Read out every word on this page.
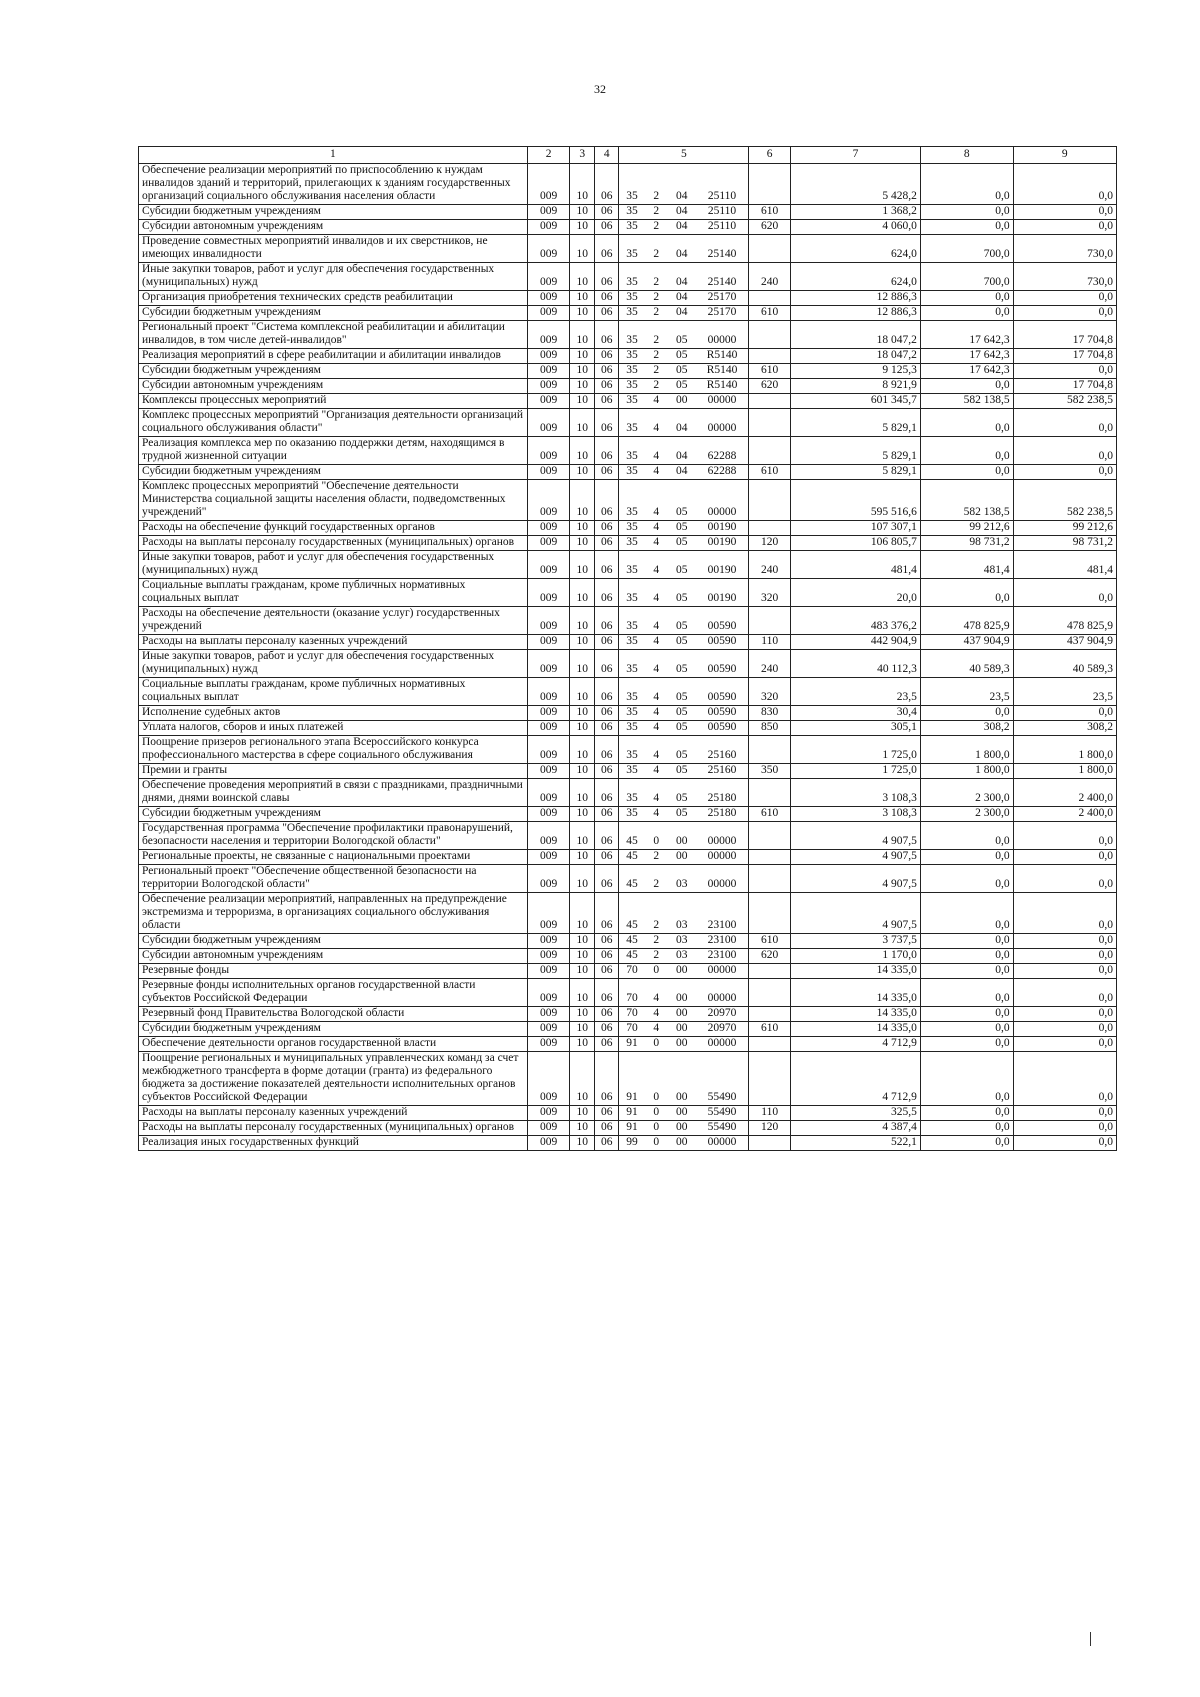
32
1	2	3	4	5				6	7	8	9
Обеспечение реализации мероприятий по приспособлению к нуждам инвалидов зданий и территорий, прилегающих к зданиям государственных организаций социального обслуживания населения области	009	10	06	35	2	04	25110		5 428,2	0,0	0,0
Субсидии бюджетным учреждениям	009	10	06	35	2	04	25110	610	1 368,2	0,0	0,0
Субсидии автономным учреждениям	009	10	06	35	2	04	25110	620	4 060,0	0,0	0,0
Проведение совместных мероприятий инвалидов и их сверстников, не имеющих инвалидности	009	10	06	35	2	04	25140		624,0	700,0	730,0
Иные закупки товаров, работ и услуг для обеспечения государственных (муниципальных) нужд	009	10	06	35	2	04	25140	240	624,0	700,0	730,0
Организация приобретения технических средств реабилитации	009	10	06	35	2	04	25170		12 886,3	0,0	0,0
Субсидии бюджетным учреждениям	009	10	06	35	2	04	25170	610	12 886,3	0,0	0,0
Региональный проект "Система комплексной реабилитации и абилитации инвалидов, в том числе детей-инвалидов"	009	10	06	35	2	05	00000		18 047,2	17 642,3	17 704,8
Реализация мероприятий в сфере реабилитации и абилитации инвалидов	009	10	06	35	2	05	R5140		18 047,2	17 642,3	17 704,8
Субсидии бюджетным учреждениям	009	10	06	35	2	05	R5140	610	9 125,3	17 642,3	0,0
Субсидии автономным учреждениям	009	10	06	35	2	05	R5140	620	8 921,9	0,0	17 704,8
Комплексы процессных мероприятий	009	10	06	35	4	00	00000		601 345,7	582 138,5	582 238,5
Комплекс процессных мероприятий "Организация деятельности организаций социального обслуживания области"	009	10	06	35	4	04	00000		5 829,1	0,0	0,0
Реализация комплекса мер по оказанию поддержки детям, находящимся в трудной жизненной ситуации	009	10	06	35	4	04	62288		5 829,1	0,0	0,0
Субсидии бюджетным учреждениям	009	10	06	35	4	04	62288	610	5 829,1	0,0	0,0
Комплекс процессных мероприятий "Обеспечение деятельности Министерства социальной защиты населения области, подведомственных учреждений"	009	10	06	35	4	05	00000		595 516,6	582 138,5	582 238,5
Расходы на обеспечение функций государственных органов	009	10	06	35	4	05	00190		107 307,1	99 212,6	99 212,6
Расходы на выплаты персоналу государственных (муниципальных) органов	009	10	06	35	4	05	00190	120	106 805,7	98 731,2	98 731,2
Иные закупки товаров, работ и услуг для обеспечения государственных (муниципальных) нужд	009	10	06	35	4	05	00190	240	481,4	481,4	481,4
Социальные выплаты гражданам, кроме публичных нормативных социальных выплат	009	10	06	35	4	05	00190	320	20,0	0,0	0,0
Расходы на обеспечение деятельности (оказание услуг) государственных учреждений	009	10	06	35	4	05	00590		483 376,2	478 825,9	478 825,9
Расходы на выплаты персоналу казенных учреждений	009	10	06	35	4	05	00590	110	442 904,9	437 904,9	437 904,9
Иные закупки товаров, работ и услуг для обеспечения государственных (муниципальных) нужд	009	10	06	35	4	05	00590	240	40 112,3	40 589,3	40 589,3
Социальные выплаты гражданам, кроме публичных нормативных социальных выплат	009	10	06	35	4	05	00590	320	23,5	23,5	23,5
Исполнение судебных актов	009	10	06	35	4	05	00590	830	30,4	0,0	0,0
Уплата налогов, сборов и иных платежей	009	10	06	35	4	05	00590	850	305,1	308,2	308,2
Поощрение призеров регионального этапа Всероссийского конкурса профессионального мастерства в сфере социального обслуживания	009	10	06	35	4	05	25160		1 725,0	1 800,0	1 800,0
Премии и гранты	009	10	06	35	4	05	25160	350	1 725,0	1 800,0	1 800,0
Обеспечение проведения мероприятий в связи с праздниками, праздничными днями, днями воинской славы	009	10	06	35	4	05	25180		3 108,3	2 300,0	2 400,0
Субсидии бюджетным учреждениям	009	10	06	35	4	05	25180	610	3 108,3	2 300,0	2 400,0
Государственная программа "Обеспечение профилактики правонарушений, безопасности населения и территории Вологодской области"	009	10	06	45	0	00	00000		4 907,5	0,0	0,0
Региональные проекты, не связанные с национальными проектами	009	10	06	45	2	00	00000		4 907,5	0,0	0,0
Региональный проект "Обеспечение общественной безопасности на территории Вологодской области"	009	10	06	45	2	03	00000		4 907,5	0,0	0,0
Обеспечение реализации мероприятий, направленных на предупреждение экстремизма и терроризма, в организациях социального обслуживания области	009	10	06	45	2	03	23100		4 907,5	0,0	0,0
Субсидии бюджетным учреждениям	009	10	06	45	2	03	23100	610	3 737,5	0,0	0,0
Субсидии автономным учреждениям	009	10	06	45	2	03	23100	620	1 170,0	0,0	0,0
Резервные фонды	009	10	06	70	0	00	00000		14 335,0	0,0	0,0
Резервные фонды исполнительных органов государственной власти субъектов Российской Федерации	009	10	06	70	4	00	00000		14 335,0	0,0	0,0
Резервный фонд Правительства Вологодской области	009	10	06	70	4	00	20970		14 335,0	0,0	0,0
Субсидии бюджетным учреждениям	009	10	06	70	4	00	20970	610	14 335,0	0,0	0,0
Обеспечение деятельности органов государственной власти	009	10	06	91	0	00	00000		4 712,9	0,0	0,0
Поощрение региональных и муниципальных управленческих команд за счет межбюджетного трансферта в форме дотации (гранта) из федерального бюджета за достижение показателей деятельности исполнительных органов субъектов Российской Федерации	009	10	06	91	0	00	55490		4 712,9	0,0	0,0
Расходы на выплаты персоналу казенных учреждений	009	10	06	91	0	00	55490	110	325,5	0,0	0,0
Расходы на выплаты персоналу государственных (муниципальных) органов	009	10	06	91	0	00	55490	120	4 387,4	0,0	0,0
Реализация иных государственных функций	009	10	06	99	0	00	00000		522,1	0,0	0,0
